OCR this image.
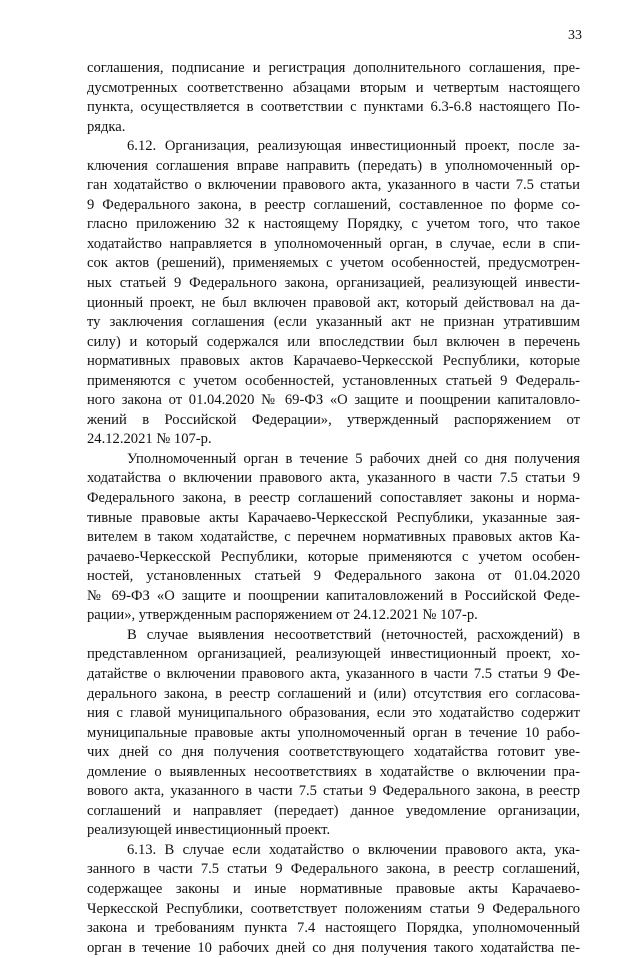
33
соглашения, подписание и регистрация дополнительного соглашения, пре-
дусмотренных соответственно абзацами вторым и четвертым настоящего
пункта, осуществляется в соответствии с пунктами 6.3-6.8 настоящего По-
рядка.
6.12. Организация, реализующая инвестиционный проект, после за-
ключения соглашения вправе направить (передать) в уполномоченный ор-
ган ходатайство о включении правового акта, указанного в части 7.5 статьи
9 Федерального закона, в реестр соглашений, составленное по форме со-
гласно приложению 32 к настоящему Порядку, с учетом того, что такое
ходатайство направляется в уполномоченный орган, в случае, если в спи-
сок актов (решений), применяемых с учетом особенностей, предусмотрен-
ных статьей 9 Федерального закона, организацией, реализующей инвести-
ционный проект, не был включен правовой акт, который действовал на да-
ту заключения соглашения (если указанный акт не признан утратившим
силу) и который содержался или впоследствии был включен в перечень
нормативных правовых актов Карачаево-Черкесской Республики, которые
применяются с учетом особенностей, установленных статьей 9 Федераль-
ного закона от 01.04.2020 № 69-ФЗ «О защите и поощрении капиталовло-
жений в Российской Федерации», утвержденный распоряжением от
24.12.2021 № 107-р.
Уполномоченный орган в течение 5 рабочих дней со дня получения
ходатайства о включении правового акта, указанного в части 7.5 статьи 9
Федерального закона, в реестр соглашений сопоставляет законы и норма-
тивные правовые акты Карачаево-Черкесской Республики, указанные зая-
вителем в таком ходатайстве, с перечнем нормативных правовых актов Ка-
рачаево-Черкесской Республики, которые применяются с учетом особен-
ностей, установленных статьей 9 Федерального закона от 01.04.2020
№ 69-ФЗ «О защите и поощрении капиталовложений в Российской Феде-
рации», утвержденным распоряжением от 24.12.2021 № 107-р.
В случае выявления несоответствий (неточностей, расхождений) в
представленном организацией, реализующей инвестиционный проект, хо-
датайстве о включении правового акта, указанного в части 7.5 статьи 9 Фе-
дерального закона, в реестр соглашений и (или) отсутствия его согласова-
ния с главой муниципального образования, если это ходатайство содержит
муниципальные правовые акты уполномоченный орган в течение 10 рабо-
чих дней со дня получения соответствующего ходатайства готовит уве-
домление о выявленных несоответствиях в ходатайстве о включении пра-
вового акта, указанного в части 7.5 статьи 9 Федерального закона, в реестр
соглашений и направляет (передает) данное уведомление организации,
реализующей инвестиционный проект.
6.13. В случае если ходатайство о включении правового акта, ука-
занного в части 7.5 статьи 9 Федерального закона, в реестр соглашений,
содержащее законы и иные нормативные правовые акты Карачаево-
Черкесской Республики, соответствует положениям статьи 9 Федерального
закона и требованиям пункта 7.4 настоящего Порядка, уполномоченный
орган в течение 10 рабочих дней со дня получения такого ходатайства пе-
